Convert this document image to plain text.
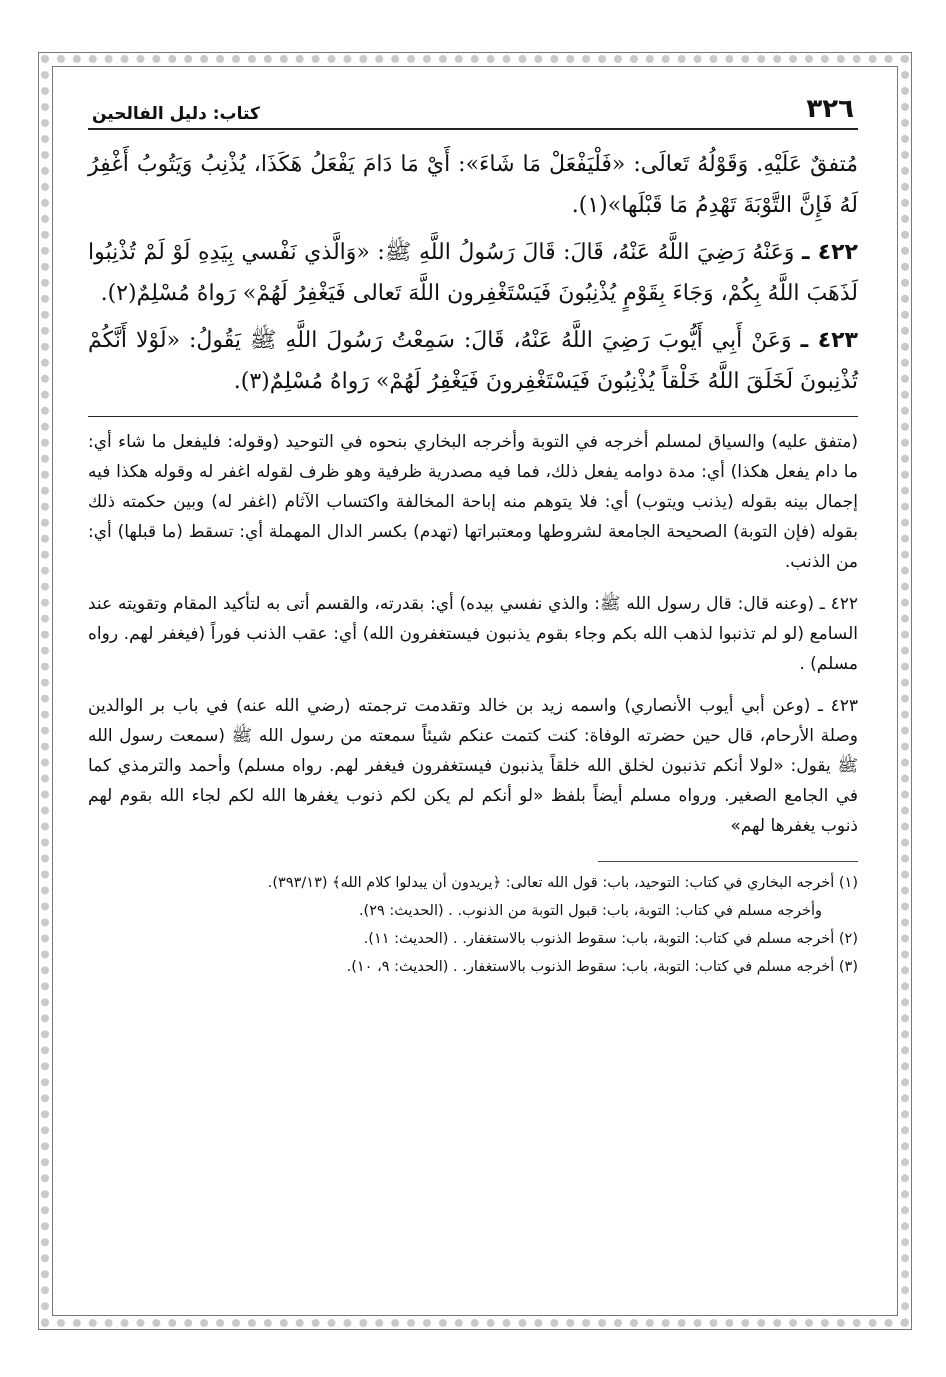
٣٢٦
كتاب: دليل الفالحين

مُتفقٌ عَلَيْهِ. وَقَوْلُهُ تَعالَى: «فَلْيَفْعَلْ مَا شَاءَ»: أَيْ مَا دَامَ يَفْعَلُ هَكَذَا، يُذْنِبُ وَيَتُوبُ أَغْفِرُ لَهُ فَإِنَّ التَّوْبَةَ تَهْدِمُ مَا قَبْلَها»(١).

٤٢٢ ـ وَعَنْهُ رَضِيَ اللَّهُ عَنْهُ، قَالَ: قَالَ رَسُولُ اللَّهِ ﷺ: «وَالَّذي نَفْسي بِيَدِهِ لَوْ لَمْ تُذْنِبُوا لَذَهَبَ اللَّهُ بِكُمْ، وَجَاءَ بِقَوْمٍ يُذْنِبُونَ فَيَسْتَغْفِرون اللَّهَ تَعالى فَيَغْفِرُ لَهُمْ» رَواهُ مُسْلِمٌ(٢).

٤٢٣ ـ وَعَنْ أَبِي أَيُّوبَ رَضِيَ اللَّهُ عَنْهُ، قَالَ: سَمِعْتُ رَسُولَ اللَّهِ ﷺ يَقُولُ: «لَوْلا أَنَّكُمْ تُذْنِبونَ لَخَلَقَ اللَّهُ خَلْقاً يُذْنِبُونَ فَيَسْتَغْفِرونَ فَيَغْفِرُ لَهُمْ» رَواهُ مُسْلِمٌ(٣).

(متفق عليه) والسياق لمسلم أخرجه في التوبة وأخرجه البخاري بنحوه في التوحيد (وقوله: فليفعل ما شاء أي: ما دام يفعل هكذا) أي: مدة دوامه يفعل ذلك، فما فيه مصدرية ظرفية وهو ظرف لقوله اغفر له وقوله هكذا فيه إجمال بينه بقوله (يذنب ويتوب) أي: فلا يتوهم منه إباحة المخالفة واكتساب الآثام (اغفر له) وبين حكمته ذلك بقوله (فإن التوبة) الصحيحة الجامعة لشروطها ومعتبراتها (تهدم) بكسر الدال المهملة أي: تسقط (ما قبلها) أي: من الذنب.

٤٢٢ ـ (وعنه قال: قال رسول الله ﷺ: والذي نفسي بيده) أي: بقدرته، والقسم أتى به لتأكيد المقام وتقويته عند السامع (لو لم تذنبوا لذهب الله بكم وجاء بقوم يذنبون فيستغفرون الله) أي: عقب الذنب فوراً (فيغفر لهم. رواه مسلم) .

٤٢٣ ـ (وعن أبي أيوب الأنصاري) واسمه زيد بن خالد وتقدمت ترجمته (رضي الله عنه) في باب بر الوالدين وصلة الأرحام، قال حين حضرته الوفاة: كنت كتمت عنكم شيئاً سمعته من رسول الله ﷺ (سمعت رسول الله ﷺ يقول: «لولا أنكم تذنبون لخلق الله خلقاً يذنبون فيستغفرون فيغفر لهم. رواه مسلم) وأحمد والترمذي كما في الجامع الصغير. ورواه مسلم أيضاً بلفظ «لو أنكم لم يكن لكم ذنوب يغفرها الله لكم لجاء الله بقوم لهم ذنوب يغفرها لهم»

(١) أخرجه البخاري في كتاب: التوحيد، باب: قول الله تعالى: ﴿يريدون أن يبدلوا كلام الله﴾ (٣٩٣/١٣).

وأخرجه مسلم في كتاب: التوبة، باب: قبول التوبة من الذنوب. . (الحديث: ٢٩).

(٢) أخرجه مسلم في كتاب: التوبة، باب: سقوط الذنوب بالاستغفار. . (الحديث: ١١).

(٣) أخرجه مسلم في كتاب: التوبة، باب: سقوط الذنوب بالاستغفار. . (الحديث: ٩، ١٠).
